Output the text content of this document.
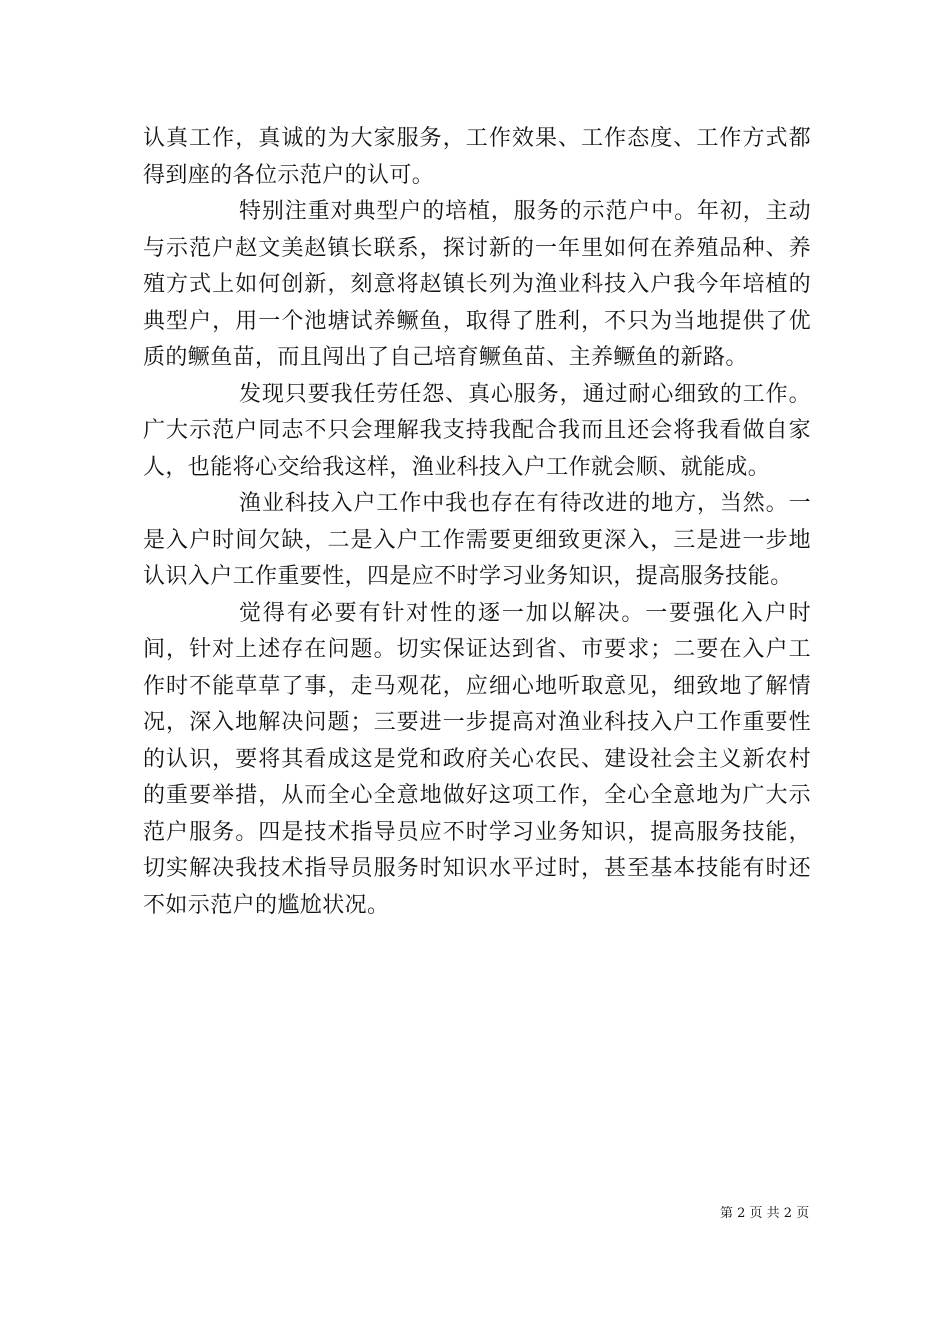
认真工作，真诚的为大家服务，工作效果、工作态度、工作方式都得到座的各位示范户的认可。

特别注重对典型户的培植，服务的示范户中。年初，主动与示范户赵文美赵镇长联系，探讨新的一年里如何在养殖品种、养殖方式上如何创新，刻意将赵镇长列为渔业科技入户我今年培植的典型户，用一个池塘试养鳜鱼，取得了胜利，不只为当地提供了优质的鳜鱼苗，而且闯出了自己培育鳜鱼苗、主养鳜鱼的新路。

发现只要我任劳任怨、真心服务，通过耐心细致的工作。广大示范户同志不只会理解我支持我配合我而且还会将我看做自家人，也能将心交给我这样，渔业科技入户工作就会顺、就能成。

渔业科技入户工作中我也存在有待改进的地方，当然。一是入户时间欠缺，二是入户工作需要更细致更深入，三是进一步地认识入户工作重要性，四是应不时学习业务知识，提高服务技能。

觉得有必要有针对性的逐一加以解决。一要强化入户时间，针对上述存在问题。切实保证达到省、市要求；二要在入户工作时不能草草了事，走马观花，应细心地听取意见，细致地了解情况，深入地解决问题；三要进一步提高对渔业科技入户工作重要性的认识，要将其看成这是党和政府关心农民、建设社会主义新农村的重要举措，从而全心全意地做好这项工作，全心全意地为广大示范户服务。四是技术指导员应不时学习业务知识，提高服务技能，切实解决我技术指导员服务时知识水平过时，甚至基本技能有时还不如示范户的尴尬状况。

第 2 页 共 2 页
